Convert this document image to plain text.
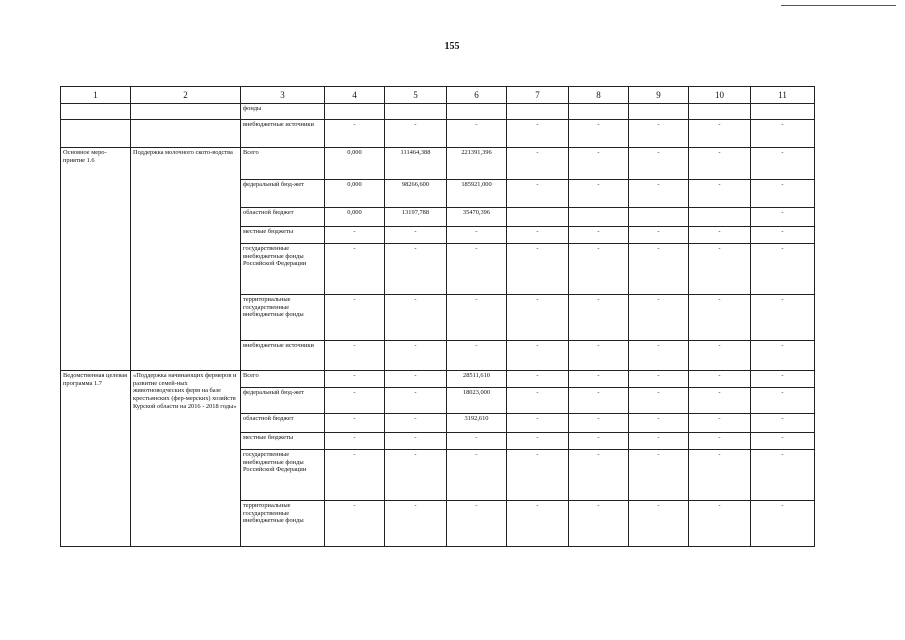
155
1	2	3	4	5	6	7	8	9	10	11
		фонды								
		внебюджетные источники	-	-	-	-	-	-	-	-
Основное меро-приятие 1.6	Поддержка молочного ското-водства	Всего	0,000	111464,388	221391,396	-	-	-	-	-
		федеральный бюд-жет	0,000	98266,600	185921,000	-	-	-	-	-
		областной бюджет	0,000	13197,788	35470,396					-
		местные бюджеты	-	-	-	-	-	-	-	-
		государственные внебюджетные фонды Российской Федерации	-	-	-	-	-	-	-	-
		территориальные государственные внебюджетные фонды	-	-	-	-	-	-	-	-
		внебюджетные источники	-	-	-	-	-	-	-	-
Ведомственная целевая программа 1.7	«Поддержка начинающих фермеров и развитие семей-ных животноводческих ферм на базе крестьянских (фер-мерских) хозяйств Курской области на 2016 - 2018 годы»	Всего	-	-	28511,610	-	-	-	-	-
		федеральный бюд-жет	-	-	18023,000	-	-	-	-	-
		областной бюджет	-	-	3192,610	-	-	-	-	-
		местные бюджеты	-	-	-	-	-	-	-	-
		государственные внебюджетные фонды Российской Федерации	-	-	-	-	-	-	-	-
		территориальные государственные внебюджетные фонды	-	-	-	-	-	-	-	-
